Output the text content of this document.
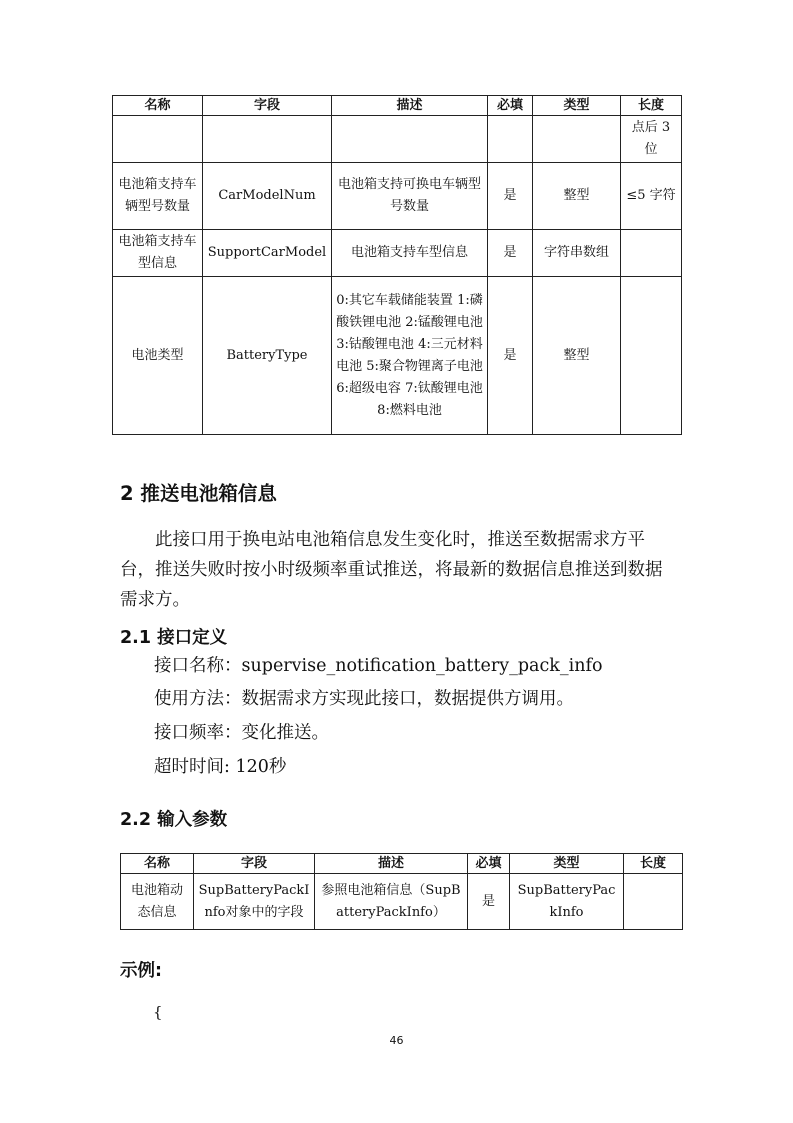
名称	字段	描述	必填	类型	长度
					点后 3 位
电池箱支持车辆型号数量	CarModelNum	电池箱支持可换电车辆型号数量	是	整型	≤5 字符
电池箱支持车型信息	SupportCarModel	电池箱支持车型信息	是	字符串数组	
电池类型	BatteryType	0:其它车载储能装置 1:磷酸铁锂电池 2:锰酸锂电池 3:钴酸锂电池 4:三元材料电池 5:聚合物锂离子电池 6:超级电容 7:钛酸锂电池 8:燃料电池	是	整型	
2 推送电池箱信息
此接口用于换电站电池箱信息发生变化时，推送至数据需求方平台，推送失败时按小时级频率重试推送，将最新的数据信息推送到数据需求方。
2.1 接口定义
接口名称：supervise_notification_battery_pack_info
使用方法：数据需求方实现此接口，数据提供方调用。
接口频率：变化推送。
超时时间: 120秒
2.2 输入参数
名称	字段	描述	必填	类型	长度
电池箱动态信息	SupBatteryPackInfo对象中的字段	参照电池箱信息（SupBatteryPackInfo）	是	SupBatteryPackInfo	
示例:
{
46
